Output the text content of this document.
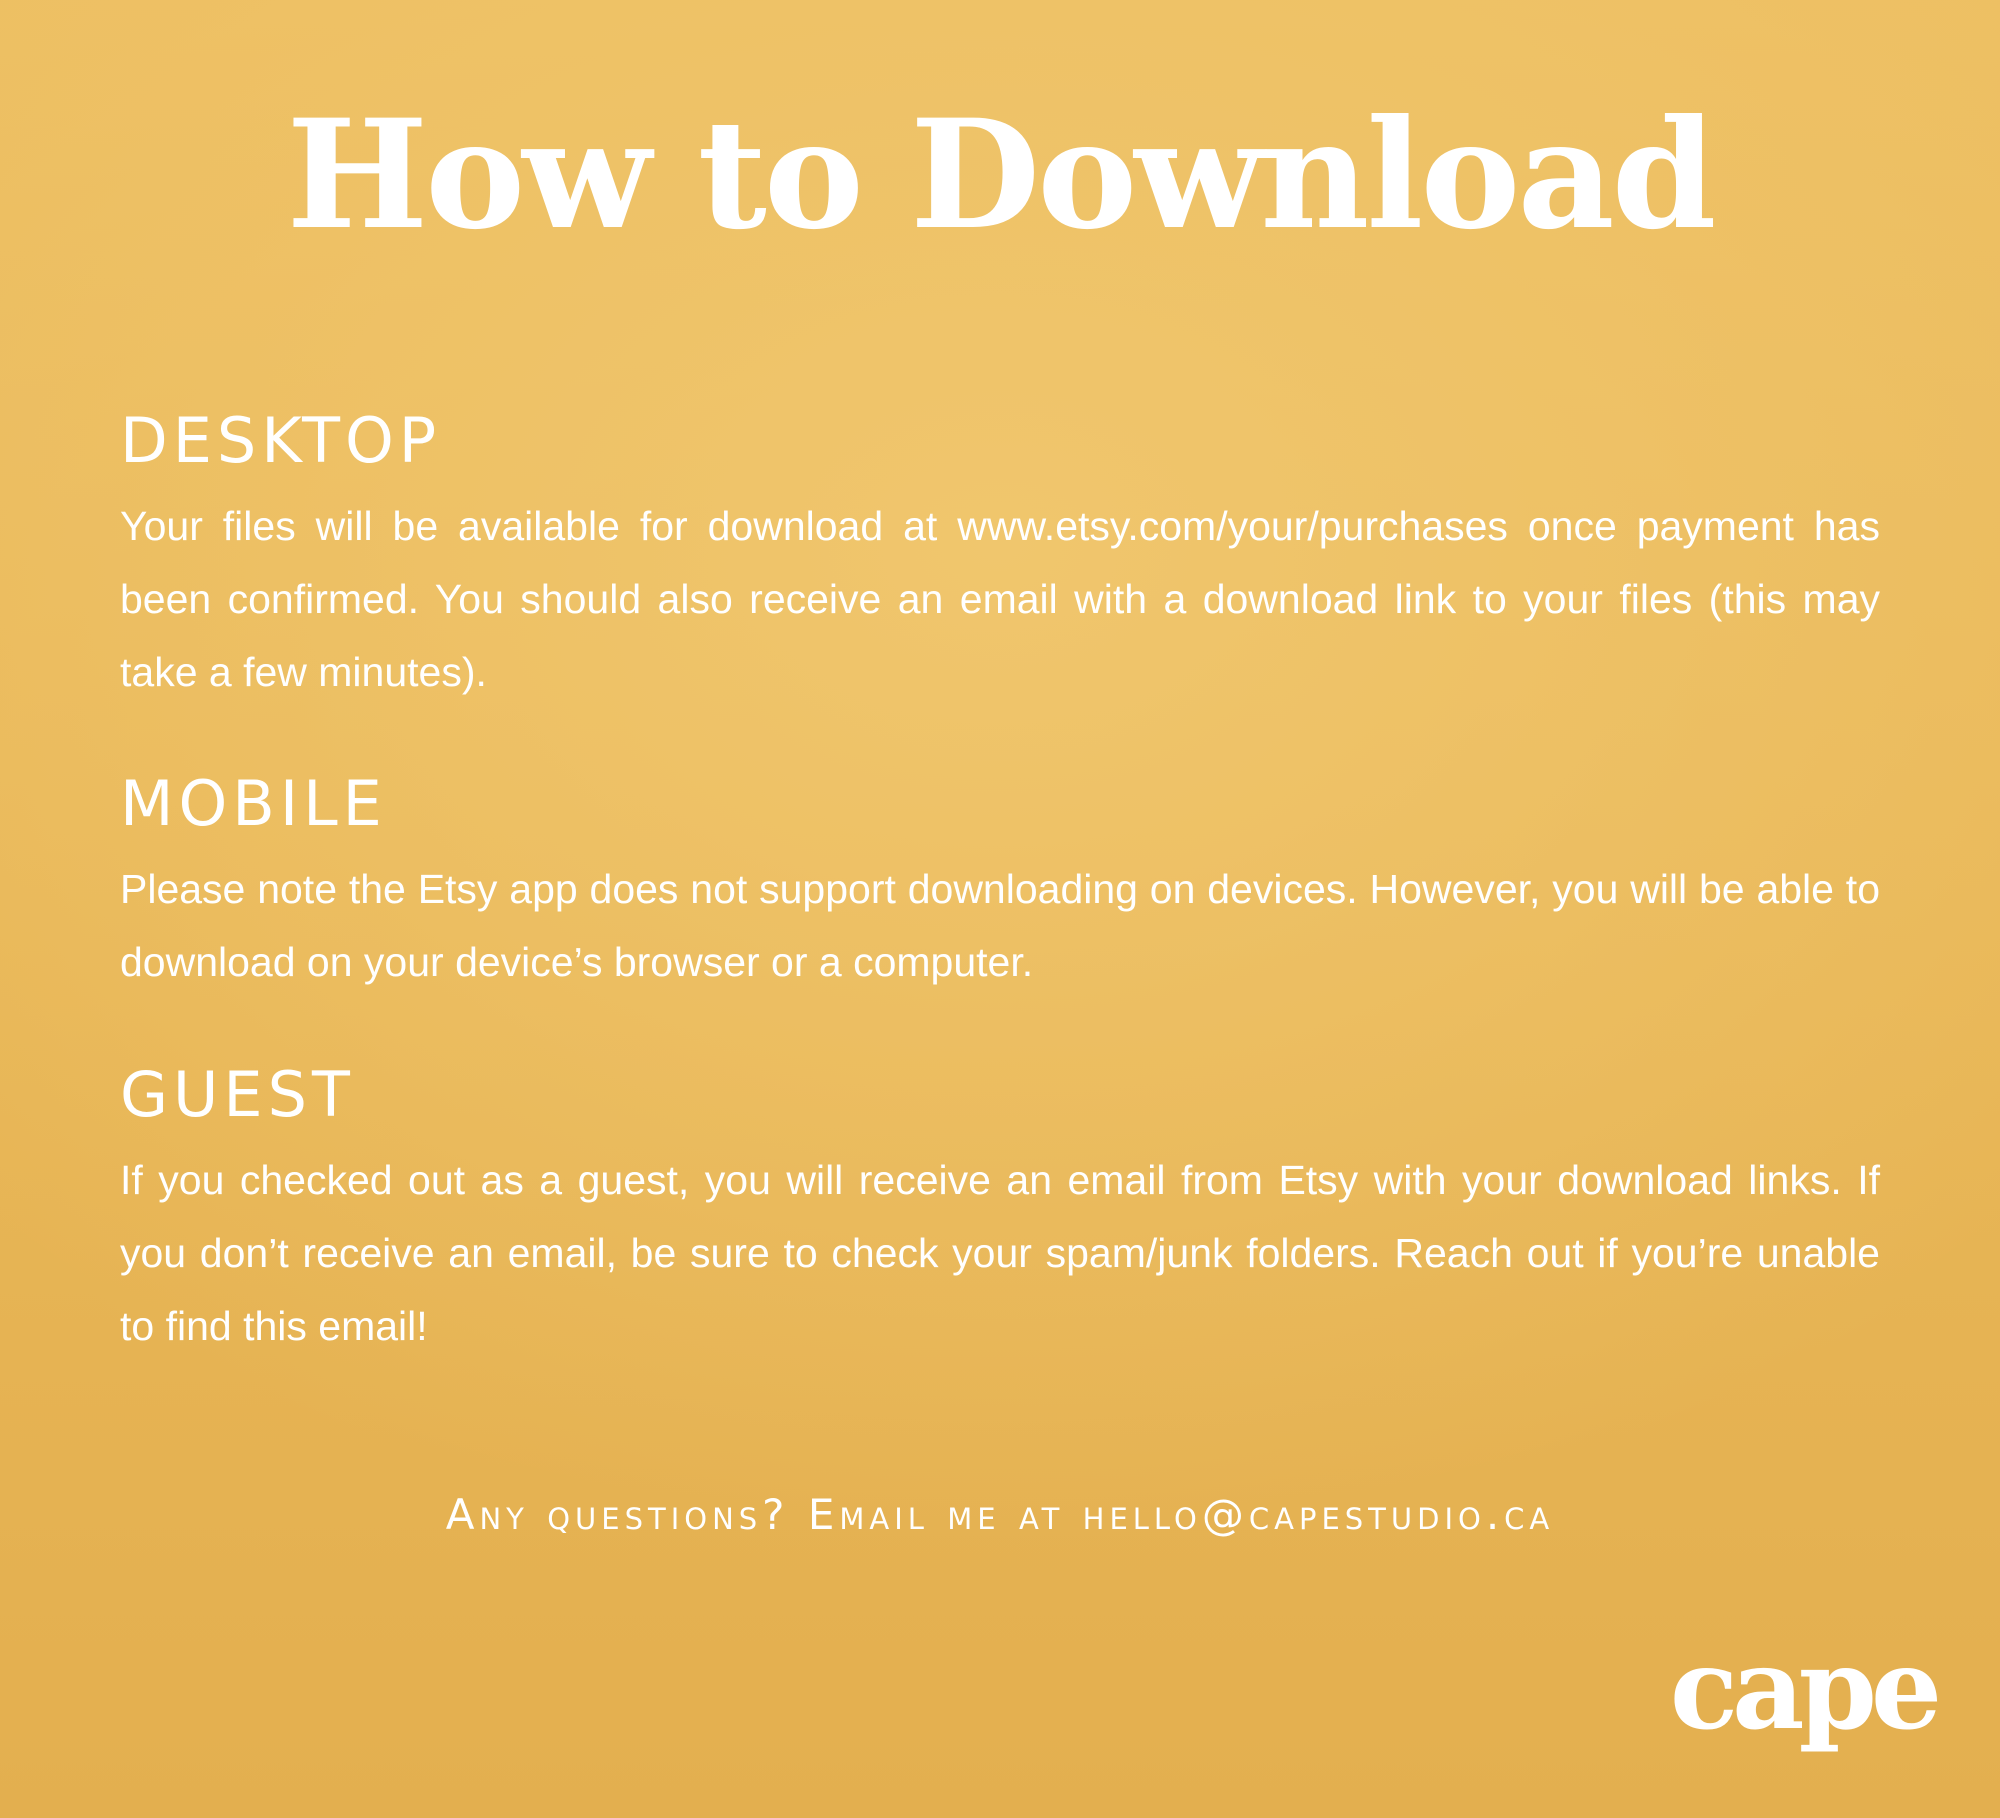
How to Download
DESKTOP

Your files will be available for download at www.etsy.com/your/purchases once payment has been confirmed. You should also receive an email with a download link to your files (this may take a few minutes).

MOBILE

Please note the Etsy app does not support downloading on devices. However, you will be able to download on your device’s browser or a computer.

GUEST

If you checked out as a guest, you will receive an email from Etsy with your download links. If you don’t receive an email, be sure to check your spam/junk folders. Reach out if you’re unable to find this email!

Any questions? Email me at hello@capestudio.ca
cape
